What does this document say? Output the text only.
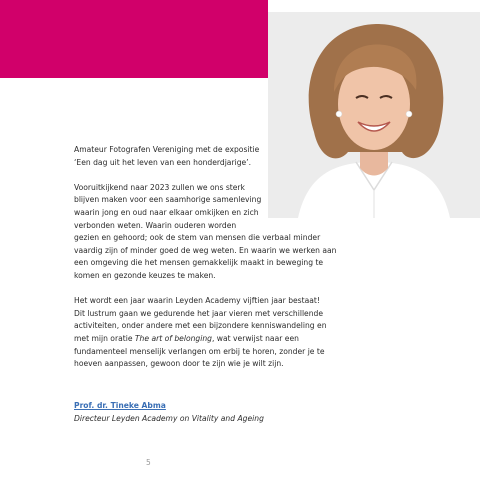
Amateur Fotografen Vereniging met de expositie
‘Een dag uit het leven van een honderdjarige’.

Vooruitkijkend naar 2023 zullen we ons sterk
blijven maken voor een saamhorige samenleving
waarin jong en oud naar elkaar omkijken en zich
verbonden weten. Waarin ouderen worden
gezien en gehoord; ook de stem van mensen die verbaal minder
vaardig zijn of minder goed de weg weten. En waarin we werken aan
een omgeving die het mensen gemakkelijk maakt in beweging te
komen en gezonde keuzes te maken.

Het wordt een jaar waarin Leyden Academy vijftien jaar bestaat!
Dit lustrum gaan we gedurende het jaar vieren met verschillende
activiteiten, onder andere met een bijzondere kenniswandeling en
met mijn oratie The art of belonging, wat verwijst naar een
fundamenteel menselijk verlangen om erbij te horen, zonder je te
hoeven aanpassen, gewoon door te zijn wie je wilt zijn.

Prof. dr. Tineke Abma
Directeur Leyden Academy on Vitality and Ageing
5
